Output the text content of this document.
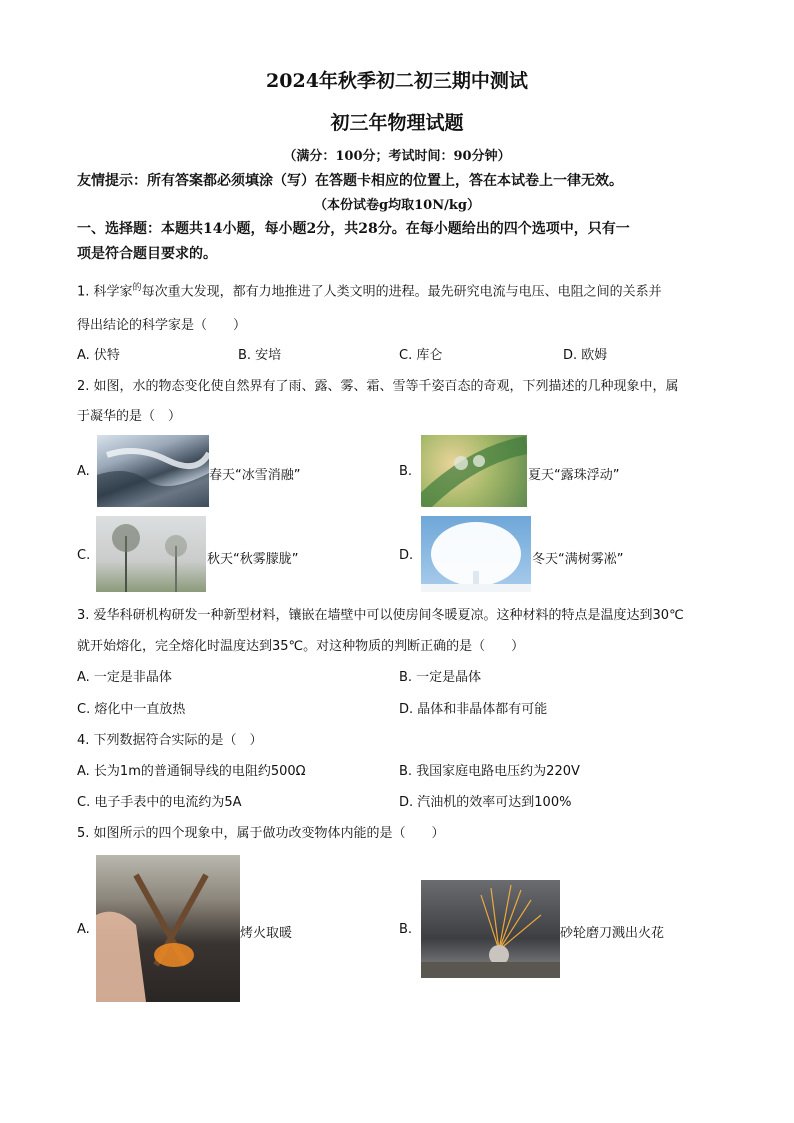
2024年秋季初二初三期中测试
初三年物理试题
（满分：100分；考试时间：90分钟）
友情提示：所有答案都必须填涂（写）在答题卡相应的位置上，答在本试卷上一律无效。
（本份试卷g均取10N/kg）
一、选择题：本题共14小题，每小题2分，共28分。在每小题给出的四个选项中，只有一
项是符合题目要求的。
1. 科学家$^的$每次重大发现，都有力地推进了人类文明的进程。最先研究电流与电压、电阻之间的关系并
得出结论的科学家是（　　）
A. 伏特	B. 安培	C. 库仑	D. 欧姆
2. 如图，水的物态变化使自然界有了雨、露、雾、霜、雪等千姿百态的奇观，下列描述的几种现象中，属
于凝华的是（　）
A.	春天“冰雪消融”	B.	夏天“露珠浮动”
C.	秋天“秋雾朦胧”	D.	冬天“满树雾凇”
3. 爱华科研机构研发一种新型材料，镶嵌在墙壁中可以使房间冬暖夏凉。这种材料的特点是温度达到30℃
就开始熔化，完全熔化时温度达到35℃。对这种物质的判断正确的是（　　）
A. 一定是非晶体	B. 一定是晶体
C. 熔化中一直放热	D. 晶体和非晶体都有可能
4. 下列数据符合实际的是（　）
A. 长为1m的普通铜导线的电阻约500Ω	B. 我国家庭电路电压约为220V
C. 电子手表中的电流约为5A	D. 汽油机的效率可达到100%
5. 如图所示的四个现象中，属于做功改变物体内能的是（　　）
A.	烤火取暖	B.	砂轮磨刀溅出火花
